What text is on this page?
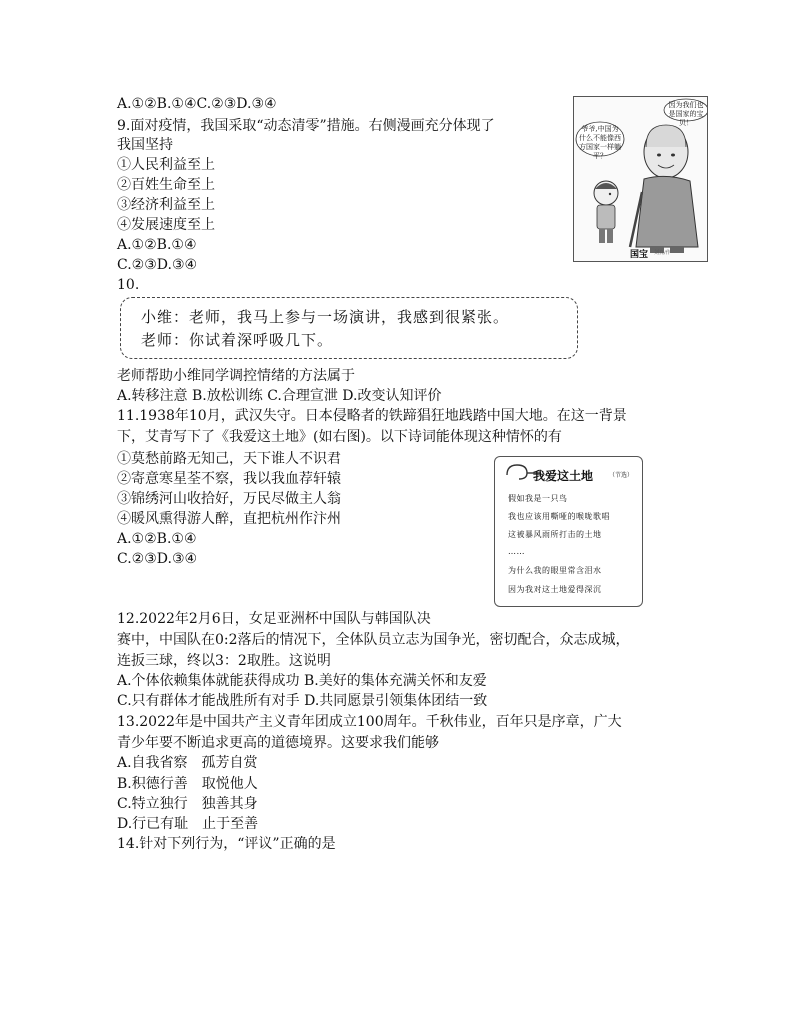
A.①②B.①④C.②③D.③④
9.面对疫情，我国采取“动态清零”措施。右侧漫画充分体现了
我国坚持
①人民利益至上
②百姓生命至上
③经济利益至上
④发展速度至上
A.①②B.①④
C.②③D.③④
10.
小维：老师，我马上参与一场演讲，我感到很紧张。
老师：你试着深呼吸几下。
老师帮助小维同学调控情绪的方法属于
A.转移注意 B.放松训练 C.合理宣泄 D.改变认知评价
11.1938年10月，武汉失守。日本侵略者的铁蹄猖狂地践踏中国大地。在这一背景
下，艾青写下了《我爱这土地》(如右图)。以下诗词能体现这种情怀的有
①莫愁前路无知己，天下谁人不识君
②寄意寒星荃不察，我以我血荐轩辕
③锦绣河山收拾好，万民尽做主人翁
④暖风熏得游人醉，直把杭州作汴州
A.①②B.①④
C.②③D.③④
12.2022年2月6日，女足亚洲杯中国队与韩国队决
赛中，中国队在0:2落后的情况下，全体队员立志为国争光，密切配合，众志成城，
连扳三球，终以3：2取胜。这说明
A.个体依赖集体就能获得成功 B.美好的集体充满关怀和友爱
C.只有群体才能战胜所有对手 D.共同愿景引领集体团结一致
13.2022年是中国共产主义青年团成立100周年。千秋伟业，百年只是序章，广大
青少年要不断追求更高的道德境界。这要求我们能够
A.自我省察　孤芳自赏
B.积德行善　取悦他人
C.特立独行　独善其身
D.行已有耻　止于至善
14.针对下列行为，“评议”正确的是
因为我们也是国家的宝贝！
爷爷,中国为什么不能像西方国家一样躺平？
国宝 刘真/作
我爱这土地	（节选）
假如我是一只鸟
我也应该用嘶哑的喉咙歌唱
这被暴风雨所打击的土地
……
为什么我的眼里常含泪水
因为我对这土地爱得深沉
